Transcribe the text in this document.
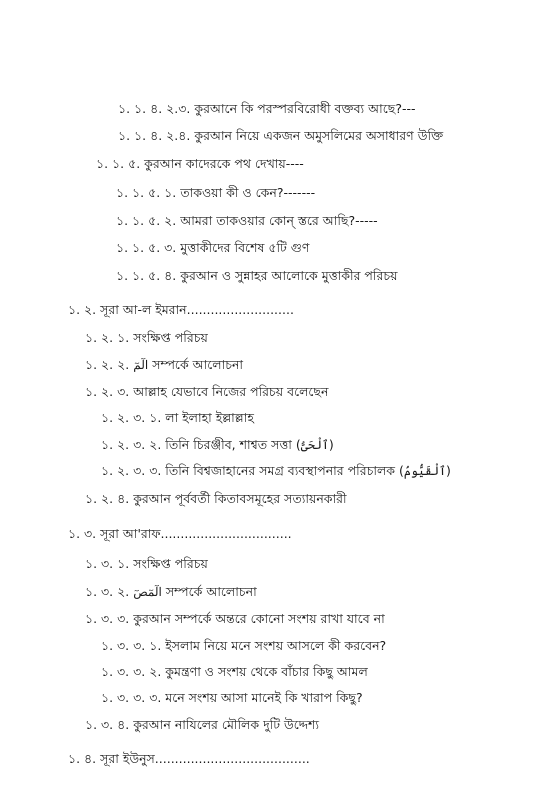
১. ১. ৪. ২.৩. কুরআনে কি পরস্পরবিরোধী বক্তব্য আছে?---
১. ১. ৪. ২.৪. কুরআন নিয়ে একজন অমুসলিমের অসাধারণ উক্তি
১. ১. ৫. কুরআন কাদেরকে পথ দেখায়----
১. ১. ৫. ১. তাকওয়া কী ও কেন?-------
১. ১. ৫. ২. আমরা তাকওয়ার কোন্ স্তরে আছি?-----
১. ১. ৫. ৩. মুত্তাকীদের বিশেষ ৫টি গুণ
১. ১. ৫. ৪. কুরআন ও সুন্নাহর আলোকে মুত্তাকীর পরিচয়
১. ২. সূরা আ-ল ইমরান...........................
১. ২. ১. সংক্ষিপ্ত পরিচয়
১. ২. ২. الٓمٓ সম্পর্কে আলোচনা
১. ২. ৩. আল্লাহ যেভাবে নিজের পরিচয় বলেছেন
১. ২. ৩. ১. লা ইলাহা ইল্লাল্লাহ
১. ২. ৩. ২. তিনি চিরঞ্জীব, শাশ্বত সত্তা (ٱلْحَىُّ)
১. ২. ৩. ৩. তিনি বিশ্বজাহানের সমগ্র ব্যবস্থাপনার পরিচালক (ٱلْقَيُّومُ)
১. ২. ৪. কুরআন পূর্ববর্তী কিতাবসমূহের সত্যায়নকারী
১. ৩. সূরা আ'রাফ.................................
১. ৩. ১. সংক্ষিপ্ত পরিচয়
১. ৩. ২. الٓمٓصٓ সম্পর্কে আলোচনা
১. ৩. ৩. কুরআন সম্পর্কে অন্তরে কোনো সংশয় রাখা যাবে না
১. ৩. ৩. ১. ইসলাম নিয়ে মনে সংশয় আসলে কী করবেন?
১. ৩. ৩. ২. কুমন্ত্রণা ও সংশয় থেকে বাঁচার কিছু আমল
১. ৩. ৩. ৩. মনে সংশয় আসা মানেই কি খারাপ কিছু?
১. ৩. ৪. কুরআন নাযিলের মৌলিক দুটি উদ্দেশ্য
১. ৪. সূরা ইউনুস.......................................
